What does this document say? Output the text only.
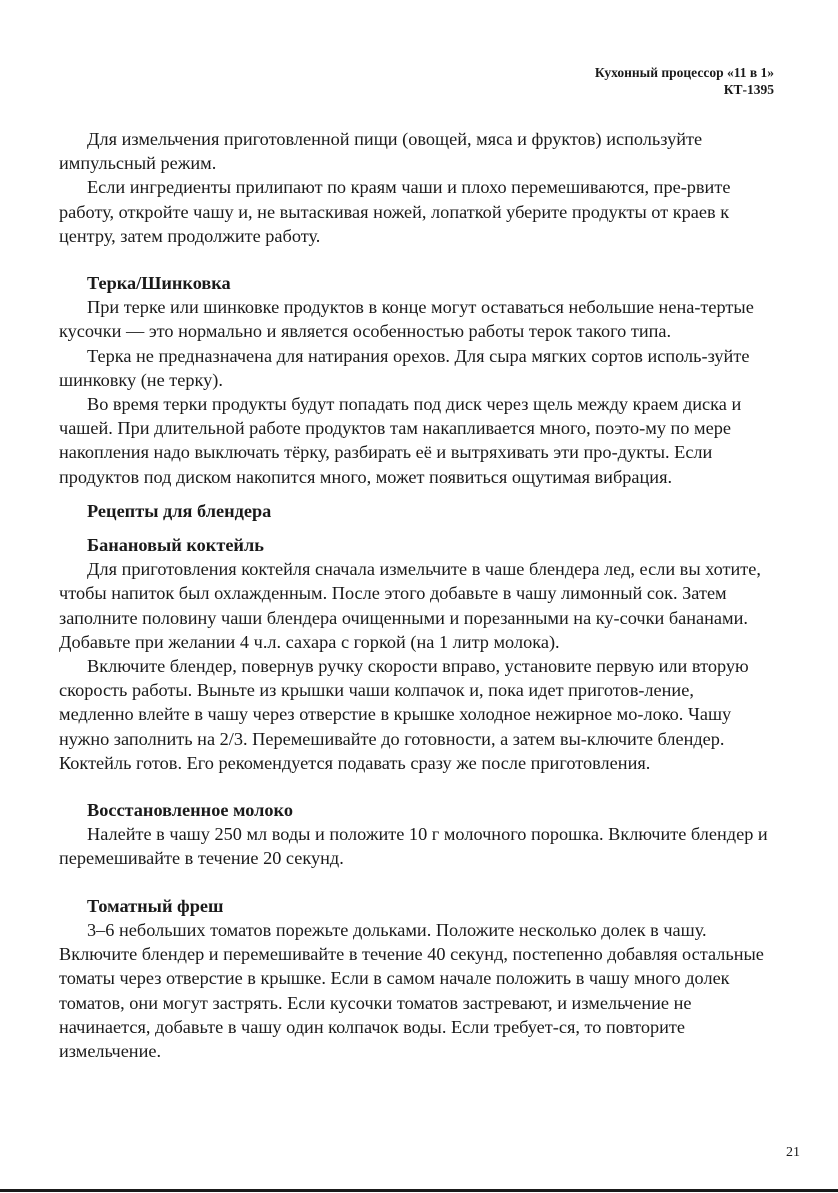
Кухонный процессор «11 в 1»
КТ-1395

Для измельчения приготовленной пищи (овощей, мяса и фруктов) используйте импульсный режим.

Если ингредиенты прилипают по краям чаши и плохо перемешиваются, пре-рвите работу, откройте чашу и, не вытаскивая ножей, лопаткой уберите продукты от краев к центру, затем продолжите работу.

Терка/Шинковка

При терке или шинковке продуктов в конце могут оставаться небольшие нена-тертые кусочки — это нормально и является особенностью работы терок такого типа.

Терка не предназначена для натирания орехов. Для сыра мягких сортов исполь-зуйте шинковку (не терку).

Во время терки продукты будут попадать под диск через щель между краем диска и чашей. При длительной работе продуктов там накапливается много, поэто-му по мере накопления надо выключать тёрку, разбирать её и вытряхивать эти про-дукты. Если продуктов под диском накопится много, может появиться ощутимая вибрация.

Рецепты для блендера
Банановый коктейль

Для приготовления коктейля сначала измельчите в чаше блендера лед, если вы хотите, чтобы напиток был охлажденным. После этого добавьте в чашу лимонный сок. Затем заполните половину чаши блендера очищенными и порезанными на ку-сочки бананами. Добавьте при желании 4 ч.л. сахара с горкой (на 1 литр молока).

Включите блендер, повернув ручку скорости вправо, установите первую или вторую скорость работы. Выньте из крышки чаши колпачок и, пока идет приготов-ление, медленно влейте в чашу через отверстие в крышке холодное нежирное мо-локо. Чашу нужно заполнить на 2/3. Перемешивайте до готовности, а затем вы-ключите блендер. Коктейль готов. Его рекомендуется подавать сразу же после приготовления.

Восстановленное молоко

Налейте в чашу 250 мл воды и положите 10 г молочного порошка. Включите блендер и перемешивайте в течение 20 секунд.

Томатный фреш

3–6 небольших томатов порежьте дольками. Положите несколько долек в чашу. Включите блендер и перемешивайте в течение 40 секунд, постепенно добавляя остальные томаты через отверстие в крышке. Если в самом начале положить в чашу много долек томатов, они могут застрять. Если кусочки томатов застревают, и измельчение не начинается, добавьте в чашу один колпачок воды. Если требует-ся, то повторите измельчение.

21
